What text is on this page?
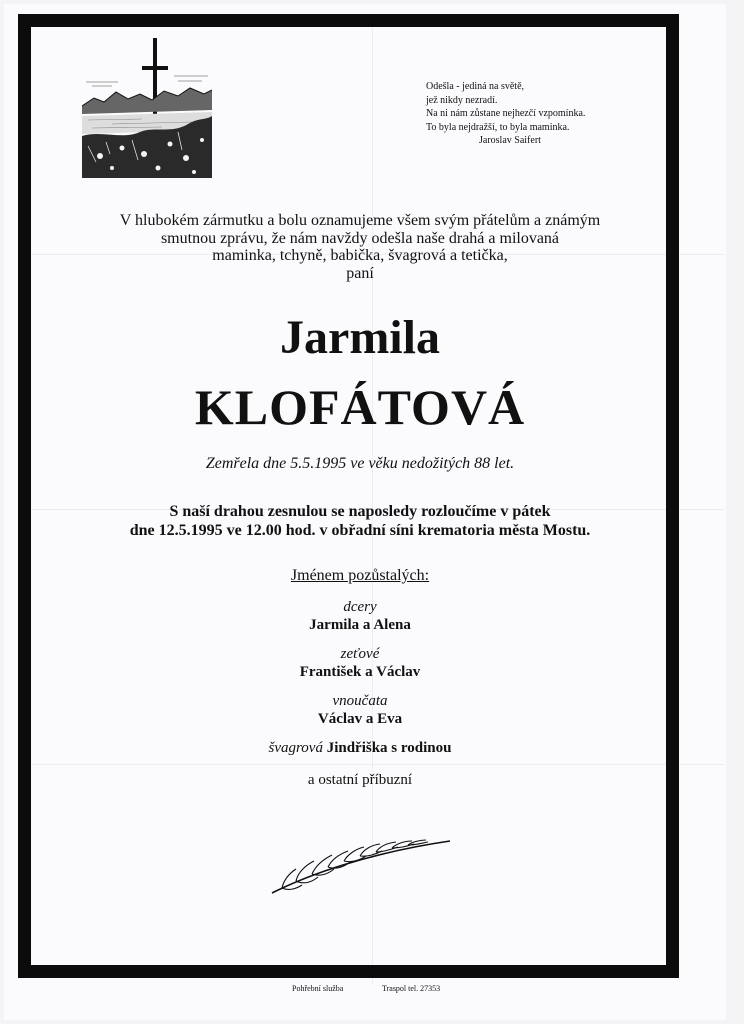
Odešla - jediná na světě,
jež nikdy nezradí.
Na ni nám zůstane nejhezčí vzpomínka.
To byla nejdražší, to byla maminka.
Jaroslav Saifert
V hlubokém zármutku a bolu oznamujeme všem svým přátelům a známým
smutnou zprávu, že nám navždy odešla naše drahá a milovaná
maminka, tchyně, babička, švagrová a tetička,
paní
Jarmila
KLOFÁTOVÁ
Zemřela dne 5.5.1995 ve věku nedožitých 88 let.
S naší drahou zesnulou se naposledy rozloučíme v pátek
dne 12.5.1995 ve 12.00 hod. v obřadní síni krematoria města Mostu.
Jménem pozůstalých:
dcery
Jarmila a Alena
zeťové
František a Václav
vnoučata
Václav a Eva
švagrová Jindřiška s rodinou
a ostatní příbuzní
Pohřební služba	Traspol tel. 27353
